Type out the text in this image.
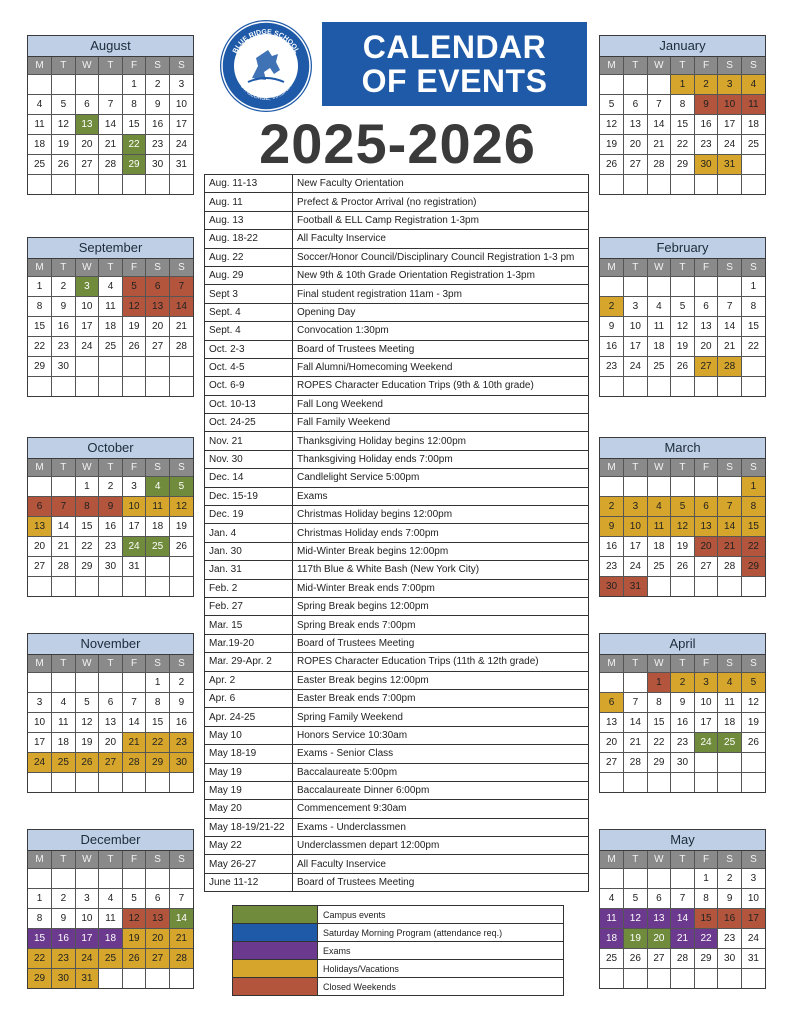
BLUE RIDGE SCHOOL
ST. GEORGE, VIRGINIA
CALENDAR
OF EVENTS
2025-2026
August
M	T	W	T	F	S	S
				1	2	3
4	5	6	7	8	9	10
11	12	13	14	15	16	17
18	19	20	21	22	23	24
25	26	27	28	29	30	31

September
M	T	W	T	F	S	S
1	2	3	4	5	6	7
8	9	10	11	12	13	14
15	16	17	18	19	20	21
22	23	24	25	26	27	28
29	30					

October
M	T	W	T	F	S	S
		1	2	3	4	5
6	7	8	9	10	11	12
13	14	15	16	17	18	19
20	21	22	23	24	25	26
27	28	29	30	31		

November
M	T	W	T	F	S	S
					1	2
3	4	5	6	7	8	9
10	11	12	13	14	15	16
17	18	19	20	21	22	23
24	25	26	27	28	29	30

December
M	T	W	T	F	S	S

1	2	3	4	5	6	7
8	9	10	11	12	13	14
15	16	17	18	19	20	21
22	23	24	25	26	27	28
29	30	31				
January
M	T	W	T	F	S	S
			1	2	3	4
5	6	7	8	9	10	11
12	13	14	15	16	17	18
19	20	21	22	23	24	25
26	27	28	29	30	31	

February
M	T	W	T	F	S	S
						1
2	3	4	5	6	7	8
9	10	11	12	13	14	15
16	17	18	19	20	21	22
23	24	25	26	27	28	

March
M	T	W	T	F	S	S
						1
2	3	4	5	6	7	8
9	10	11	12	13	14	15
16	17	18	19	20	21	22
23	24	25	26	27	28	29
30	31					
April
M	T	W	T	F	S	S
		1	2	3	4	5
6	7	8	9	10	11	12
13	14	15	16	17	18	19
20	21	22	23	24	25	26
27	28	29	30			

May
M	T	W	T	F	S	S
				1	2	3
4	5	6	7	8	9	10
11	12	13	14	15	16	17
18	19	20	21	22	23	24
25	26	27	28	29	30	31

Aug. 11-13	New Faculty Orientation
Aug. 11	Prefect & Proctor Arrival (no registration)
Aug. 13	Football & ELL Camp Registration 1-3pm
Aug. 18-22	All Faculty Inservice
Aug. 22	Soccer/Honor Council/Disciplinary Council Registration 1-3 pm
Aug. 29	New 9th & 10th Grade Orientation Registration 1-3pm
Sept 3	Final student registration 11am - 3pm
Sept. 4	Opening Day
Sept. 4	Convocation 1:30pm
Oct. 2-3	Board of Trustees Meeting
Oct. 4-5	Fall Alumni/Homecoming Weekend
Oct. 6-9	ROPES Character Education Trips (9th & 10th grade)
Oct. 10-13	Fall Long Weekend
Oct. 24-25	Fall Family Weekend
Nov. 21	Thanksgiving Holiday begins 12:00pm
Nov. 30	Thanksgiving Holiday ends 7:00pm
Dec. 14	Candlelight Service 5:00pm
Dec. 15-19	Exams
Dec. 19	Christmas Holiday begins 12:00pm
Jan. 4	Christmas Holiday ends 7:00pm
Jan. 30	Mid-Winter Break begins 12:00pm
Jan. 31	117th Blue & White Bash (New York City)
Feb. 2	Mid-Winter Break ends 7:00pm
Feb. 27	Spring Break begins 12:00pm
Mar. 15	Spring Break ends 7:00pm
Mar.19-20	Board of Trustees Meeting
Mar. 29-Apr. 2	ROPES Character Education Trips (11th & 12th grade)
Apr. 2	Easter Break begins 12:00pm
Apr. 6	Easter Break ends 7:00pm
Apr. 24-25	Spring Family Weekend
May 10	Honors Service 10:30am
May 18-19	Exams - Senior Class
May 19	Baccalaureate 5:00pm
May 19	Baccalaureate Dinner 6:00pm
May 20	Commencement 9:30am
May 18-19/21-22	Exams - Underclassmen
May 22	Underclassmen depart 12:00pm
May 26-27	All Faculty Inservice
June 11-12	Board of Trustees Meeting
	Campus events
	Saturday Morning Program (attendance req.)
	Exams
	Holidays/Vacations
	Closed Weekends
